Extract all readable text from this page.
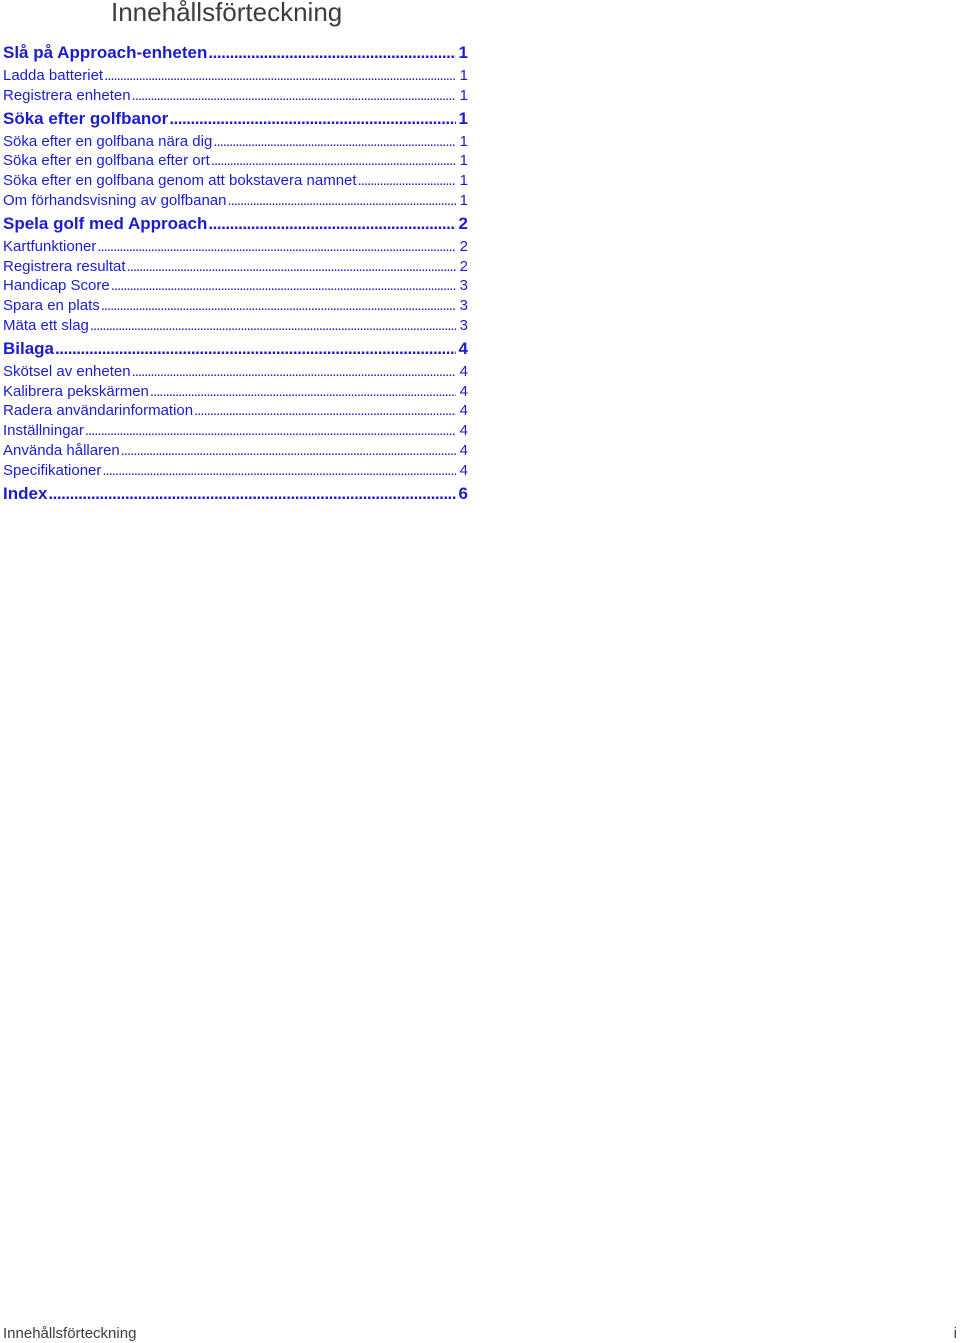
Innehållsförteckning
Slå på Approach-enheten . . .	1
Ladda batteriet . . .	1
Registrera enheten . . .	1
Söka efter golfbanor . . .	1
Söka efter en golfbana nära dig . . .	1
Söka efter en golfbana efter ort . . .	1
Söka efter en golfbana genom att bokstavera namnet . . .	1
Om förhandsvisning av golfbanan . . .	1
Spela golf med Approach . . .	2
Kartfunktioner . . .	2
Registrera resultat . . .	2
Handicap Score . . .	3
Spara en plats . . .	3
Mäta ett slag . . .	3
Bilaga . . .	4
Skötsel av enheten . . .	4
Kalibrera pekskärmen . . .	4
Radera användarinformation . . .	4
Inställningar . . .	4
Använda hållaren . . .	4
Specifikationer . . .	4
Index . . .	6
Innehållsförteckning	i
